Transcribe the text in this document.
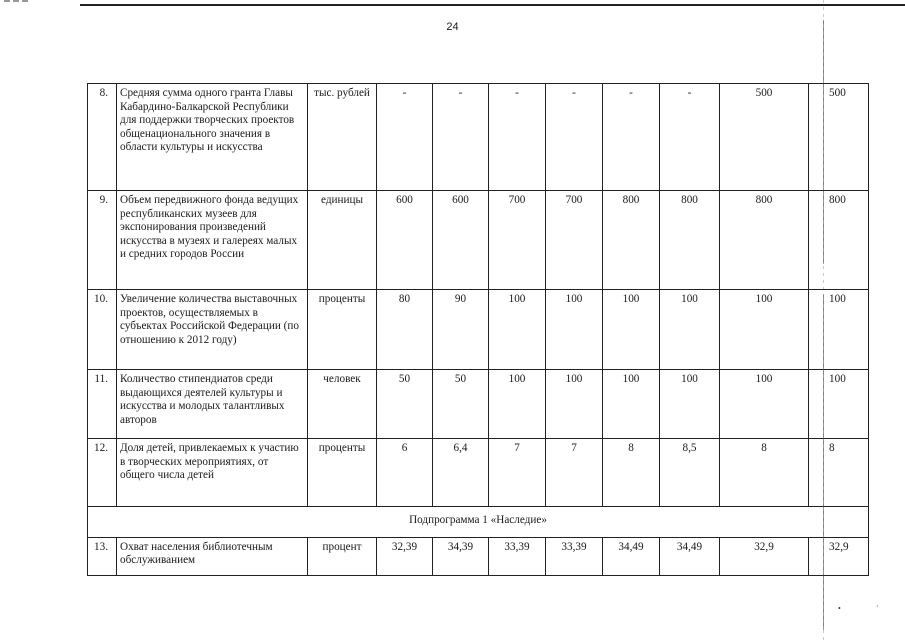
24
8.	Средняя сумма одного гранта Главы Кабардино-Балкарской Республики для поддержки творческих проектов общенационального значения в области культуры и искусства	тыс. рублей	-	-	-	-	-	-	500	500
9.	Объем передвижного фонда ведущих республиканских музеев для экспонирования произведений искусства в музеях и галереях малых и средних городов России	единицы	600	600	700	700	800	800	800	800
10.	Увеличение количества выставочных проектов, осуществляемых в субъектах Российской Федерации (по отношению к 2012 году)	проценты	80	90	100	100	100	100	100	100
11.	Количество стипендиатов среди выдающихся деятелей культуры и искусства и молодых талантливых авторов	человек	50	50	100	100	100	100	100	100
12.	Доля детей, привлекаемых к участию в творческих мероприятиях, от общего числа детей	проценты	6	6,4	7	7	8	8,5	8	8
Подпрограмма 1 «Наследие»										
13.	Охват населения библиотечным обслуживанием	процент	32,39	34,39	33,39	33,39	34,49	34,49	32,9	32,9
•	·
